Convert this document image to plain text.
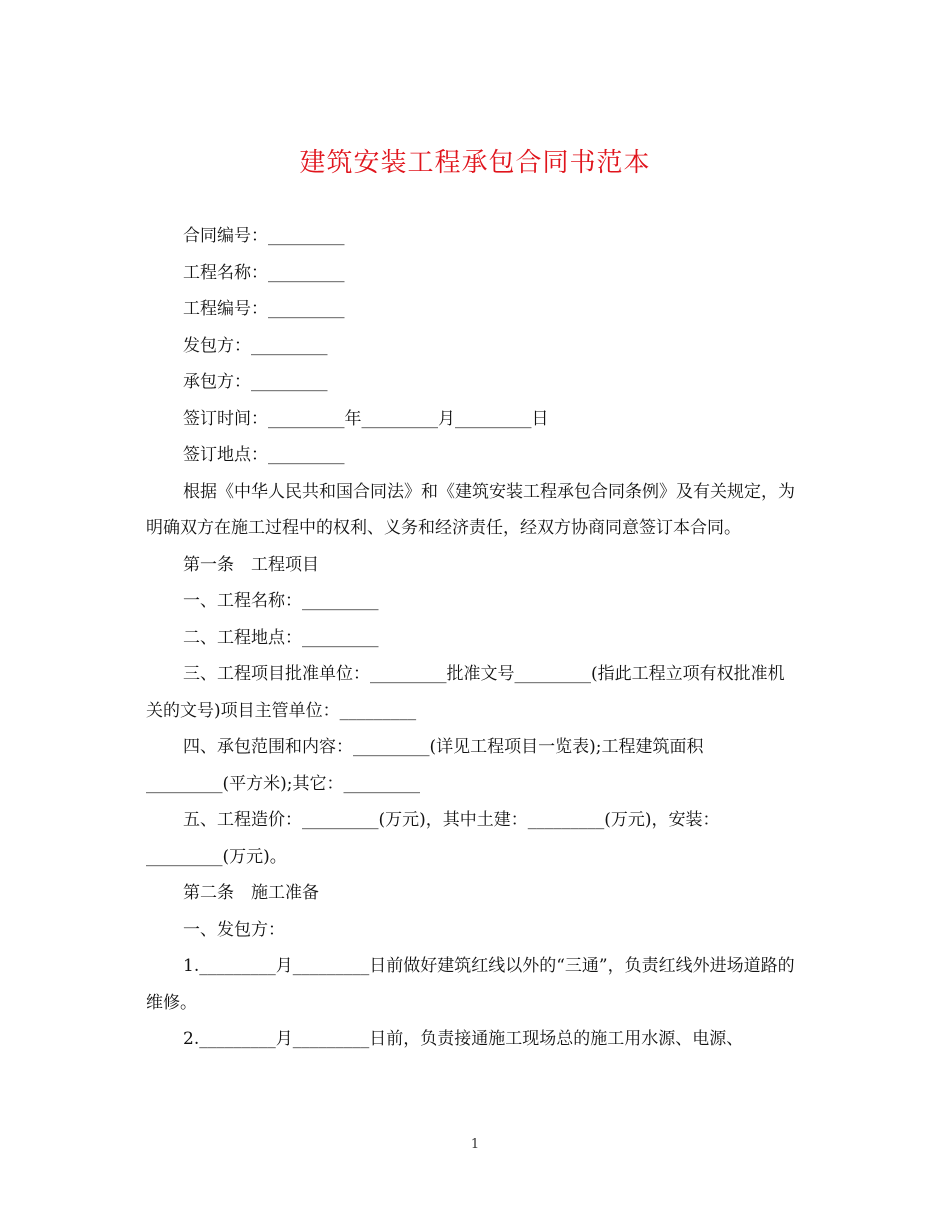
建筑安装工程承包合同书范本

合同编号：_________

工程名称：_________

工程编号：_________

发包方：_________

承包方：_________

签订时间：_________年_________月_________日

签订地点：_________

根据《中华人民共和国合同法》和《建筑安装工程承包合同条例》及有关规定，为明确双方在施工过程中的权利、义务和经济责任，经双方协商同意签订本合同。

第一条　工程项目

一、工程名称：_________

二、工程地点：_________

三、工程项目批准单位：_________批准文号_________(指此工程立项有权批准机关的文号)项目主管单位：_________

四、承包范围和内容：_________(详见工程项目一览表);工程建筑面积_________(平方米);其它：_________

五、工程造价：_________(万元)，其中土建：_________(万元)，安装：_________(万元)。

第二条　施工准备

一、发包方：

1._________月_________日前做好建筑红线以外的“三通”，负责红线外进场道路的维修。

2._________月_________日前，负责接通施工现场总的施工用水源、电源、

1
